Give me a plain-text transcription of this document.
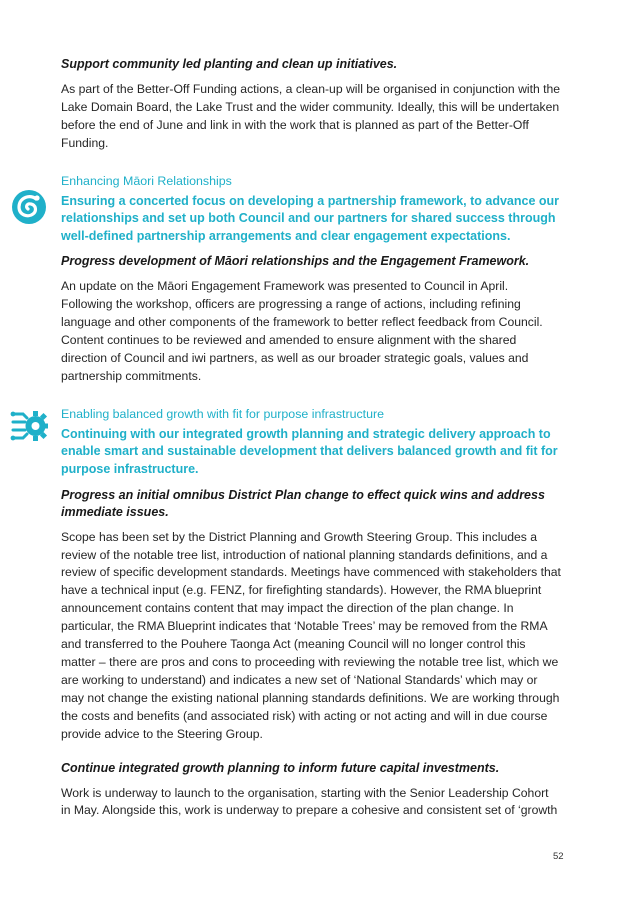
Support community led planting and clean up initiatives.
As part of the Better-Off Funding actions, a clean-up will be organised in conjunction with the Lake Domain Board, the Lake Trust and the wider community. Ideally, this will be undertaken before the end of June and link in with the work that is planned as part of the Better-Off Funding.
Enhancing Māori Relationships
Ensuring a concerted focus on developing a partnership framework, to advance our relationships and set up both Council and our partners for shared success through well-defined partnership arrangements and clear engagement expectations.
Progress development of Māori relationships and the Engagement Framework.
An update on the Māori Engagement Framework was presented to Council in April. Following the workshop, officers are progressing a range of actions, including refining language and other components of the framework to better reflect feedback from Council. Content continues to be reviewed and amended to ensure alignment with the shared direction of Council and iwi partners, as well as our broader strategic goals, values and partnership commitments.
Enabling balanced growth with fit for purpose infrastructure
Continuing with our integrated growth planning and strategic delivery approach to enable smart and sustainable development that delivers balanced growth and fit for purpose infrastructure.
Progress an initial omnibus District Plan change to effect quick wins and address immediate issues.
Scope has been set by the District Planning and Growth Steering Group. This includes a review of the notable tree list, introduction of national planning standards definitions, and a review of specific development standards. Meetings have commenced with stakeholders that have a technical input (e.g. FENZ, for firefighting standards). However, the RMA blueprint announcement contains content that may impact the direction of the plan change. In particular, the RMA Blueprint indicates that ‘Notable Trees’ may be removed from the RMA and transferred to the Pouhere Taonga Act (meaning Council will no longer control this matter – there are pros and cons to proceeding with reviewing the notable tree list, which we are working to understand) and indicates a new set of ‘National Standards’ which may or may not change the existing national planning standards definitions. We are working through the costs and benefits (and associated risk) with acting or not acting and will in due course provide advice to the Steering Group.
Continue integrated growth planning to inform future capital investments.
Work is underway to launch to the organisation, starting with the Senior Leadership Cohort in May. Alongside this, work is underway to prepare a cohesive and consistent set of ‘growth
52
